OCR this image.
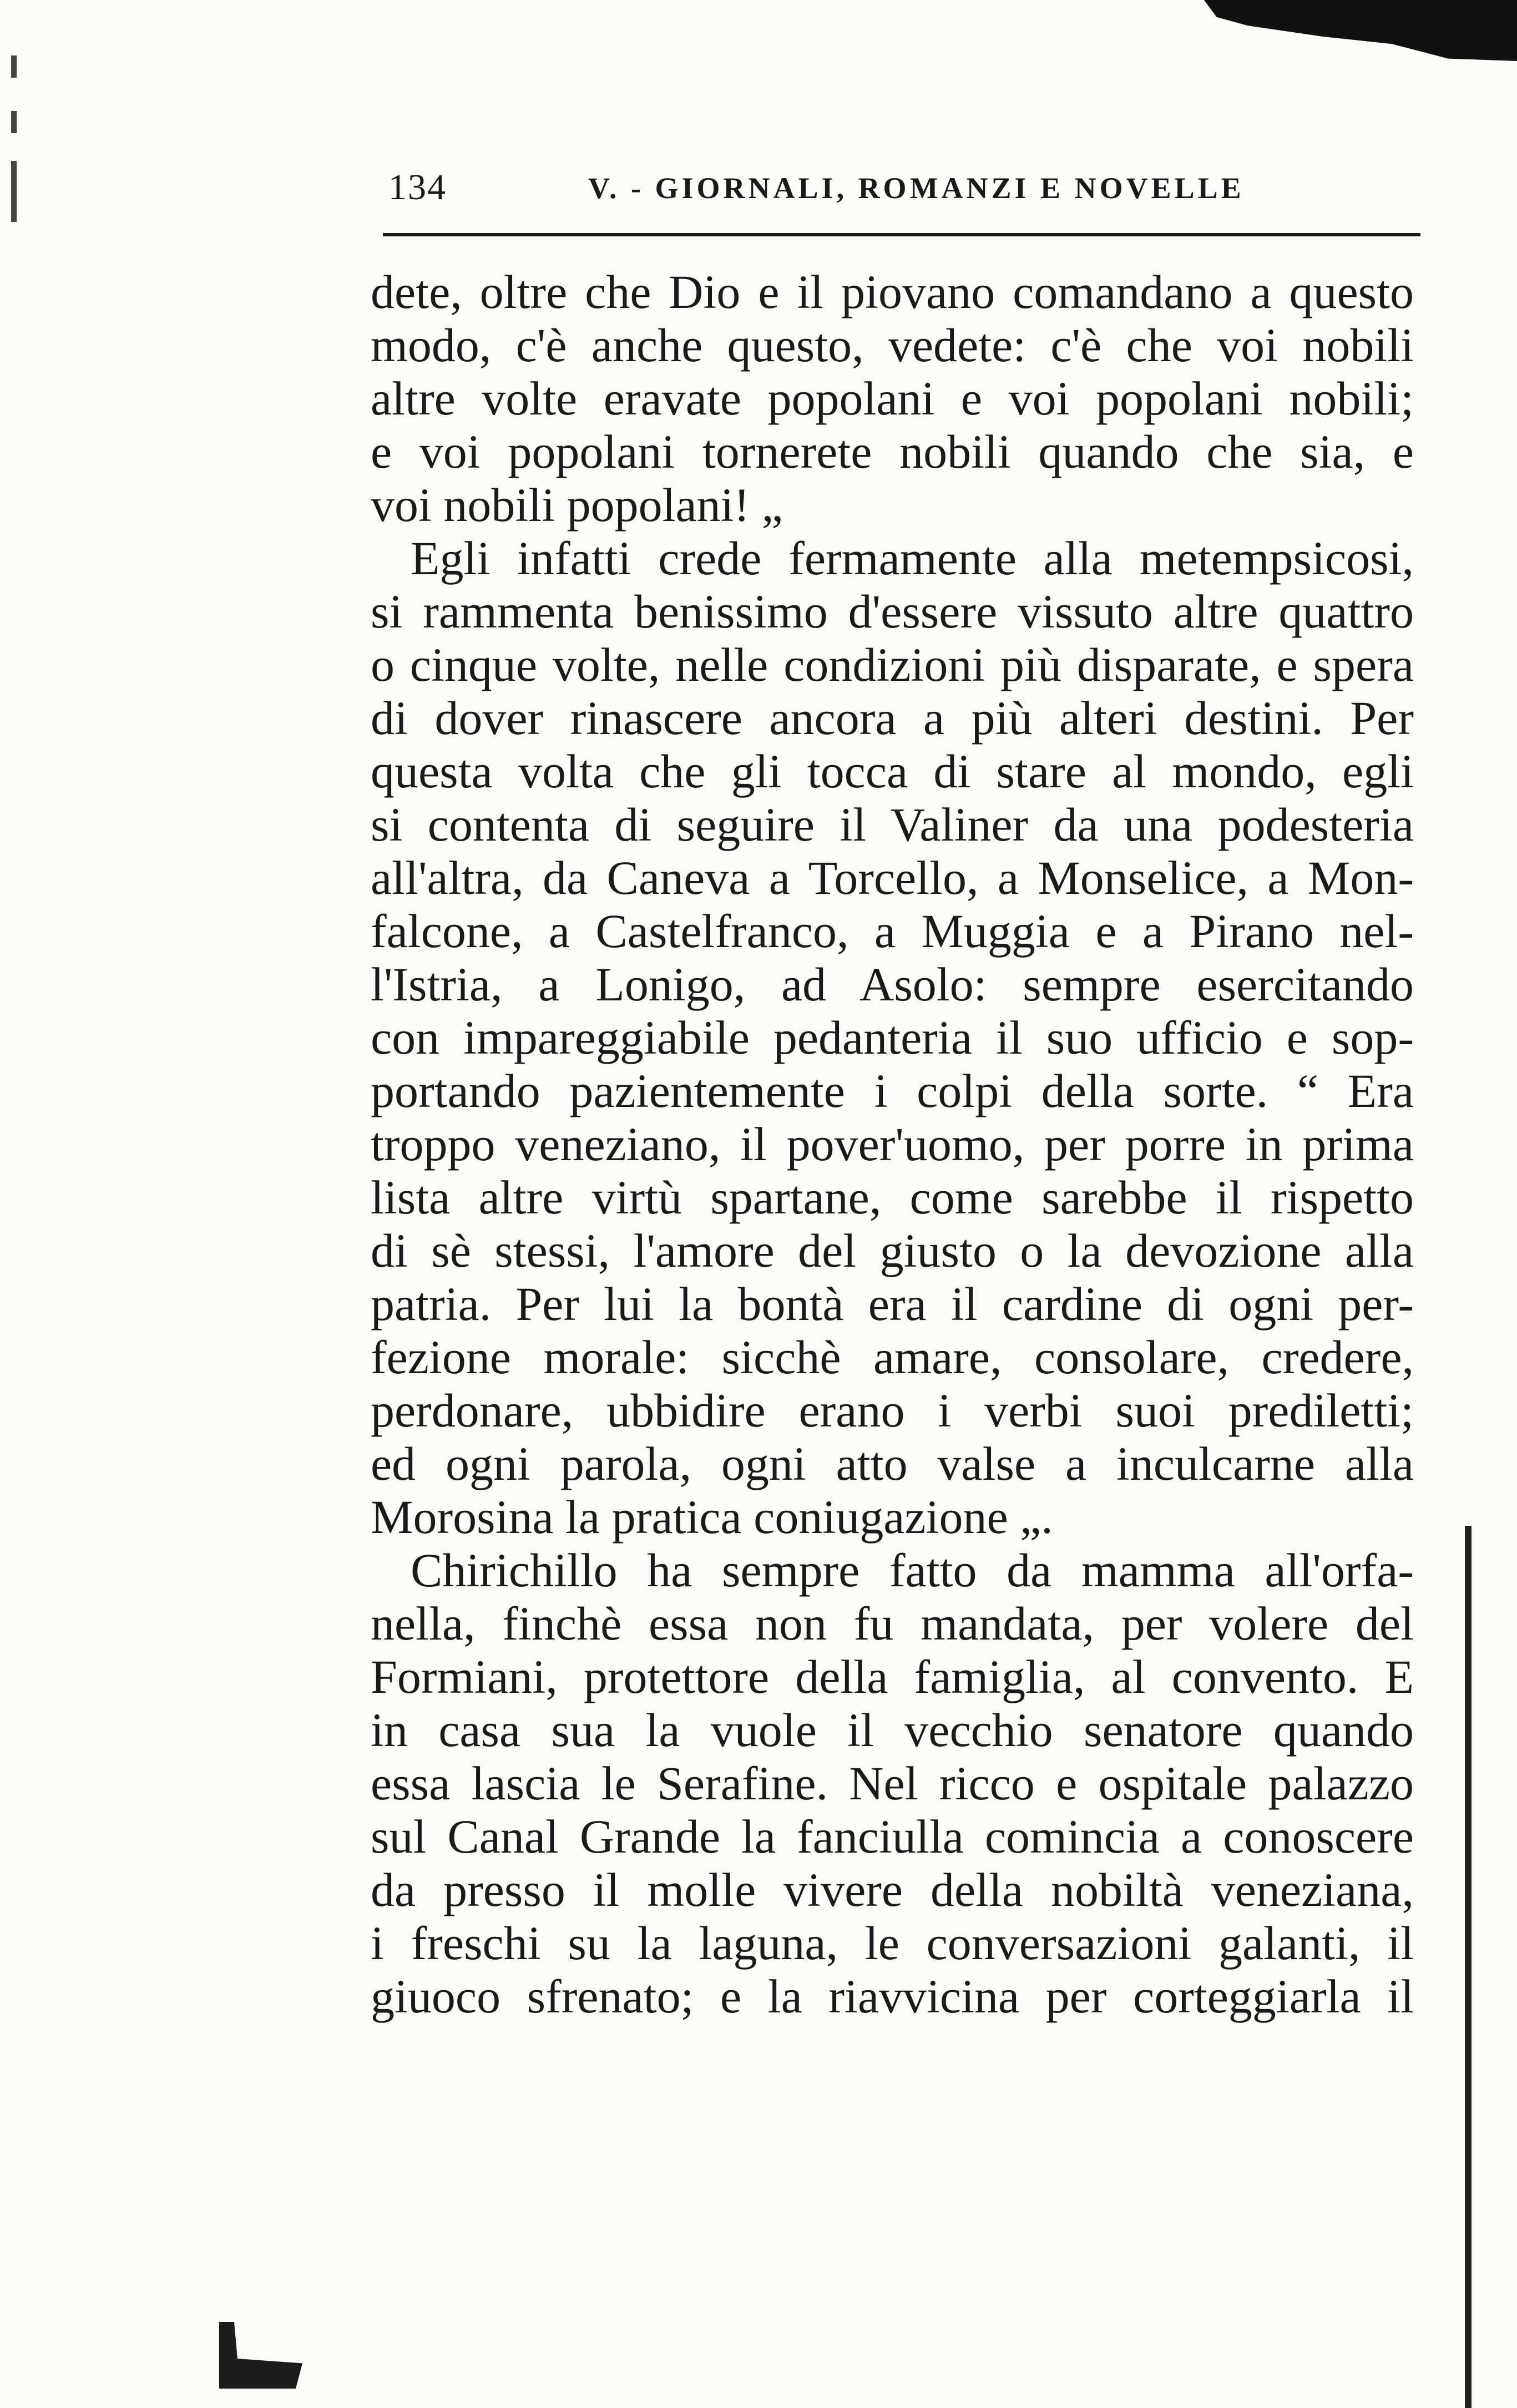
134	V. - GIORNALI, ROMANZI E NOVELLE
dete, oltre che Dio e il piovano comandano a questo
modo, c'è anche questo, vedete: c'è che voi nobili
altre volte eravate popolani e voi popolani nobili;
e voi popolani tornerete nobili quando che sia, e
voi nobili popolani! „
Egli infatti crede fermamente alla metempsicosi,
si rammenta benissimo d'essere vissuto altre quattro
o cinque volte, nelle condizioni più disparate, e spera
di dover rinascere ancora a più alteri destini. Per
questa volta che gli tocca di stare al mondo, egli
si contenta di seguire il Valiner da una podesteria
all'altra, da Caneva a Torcello, a Monselice, a Mon-
falcone, a Castelfranco, a Muggia e a Pirano nel-
l'Istria, a Lonigo, ad Asolo: sempre esercitando
con impareggiabile pedanteria il suo ufficio e sop-
portando pazientemente i colpi della sorte. “ Era
troppo veneziano, il pover'uomo, per porre in prima
lista altre virtù spartane, come sarebbe il rispetto
di sè stessi, l'amore del giusto o la devozione alla
patria. Per lui la bontà era il cardine di ogni per-
fezione morale: sicchè amare, consolare, credere,
perdonare, ubbidire erano i verbi suoi prediletti;
ed ogni parola, ogni atto valse a inculcarne alla
Morosina la pratica coniugazione „.
Chirichillo ha sempre fatto da mamma all'orfa-
nella, finchè essa non fu mandata, per volere del
Formiani, protettore della famiglia, al convento. E
in casa sua la vuole il vecchio senatore quando
essa lascia le Serafine. Nel ricco e ospitale palazzo
sul Canal Grande la fanciulla comincia a conoscere
da presso il molle vivere della nobiltà veneziana,
i freschi su la laguna, le conversazioni galanti, il
giuoco sfrenato; e la riavvicina per corteggiarla il
